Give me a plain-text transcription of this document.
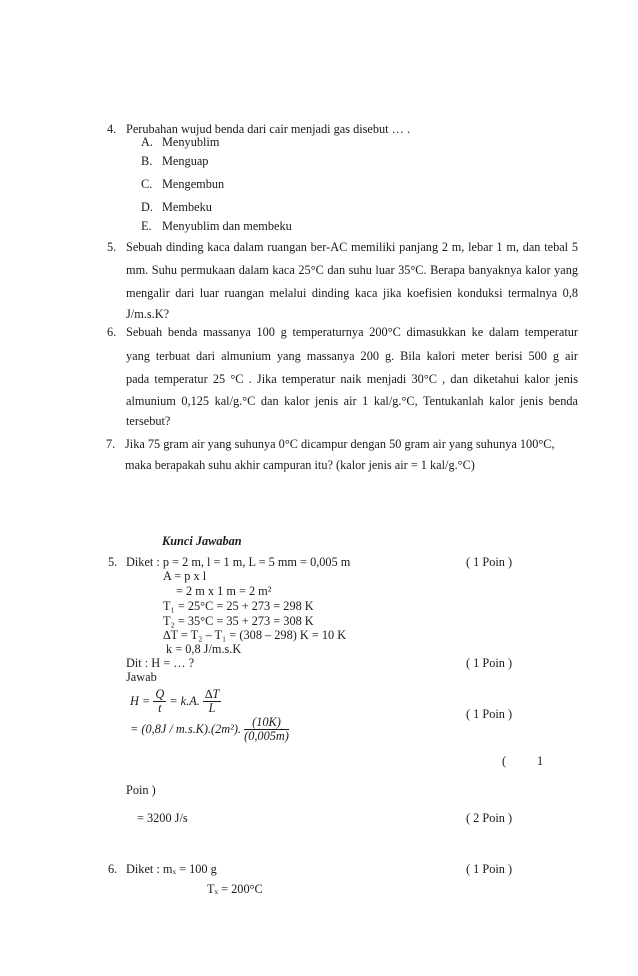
4. Perubahan wujud benda dari cair menjadi gas disebut … .
A. Menyublim
B. Menguap
C. Mengembun
D. Membeku
E. Menyublim dan membeku
5. Sebuah dinding kaca dalam ruangan ber-AC memiliki panjang 2 m, lebar 1 m, dan tebal 5
mm. Suhu permukaan dalam kaca 25°C dan suhu luar 35°C. Berapa banyaknya kalor yang
mengalir dari luar ruangan melalui dinding kaca jika koefisien konduksi termalnya 0,8
J/m.s.K?
6. Sebuah benda massanya 100 g temperaturnya 200°C dimasukkan ke dalam temperatur
yang terbuat dari almunium yang massanya 200 g. Bila kalori meter berisi 500 g air
pada temperatur 25 °C . Jika temperatur naik menjadi 30°C , dan diketahui kalor jenis
almunium 0,125 kal/g.°C dan kalor jenis air 1 kal/g.°C, Tentukanlah kalor jenis benda
tersebut?
7. Jika 75 gram air yang suhunya 0°C dicampur dengan 50 gram air yang suhunya 100°C,
maka berapakah suhu akhir campuran itu? (kalor jenis air = 1 kal/g.°C)
Kunci Jawaban
5. Diket : p = 2 m, l = 1 m, L = 5 mm = 0,005 m	( 1 Poin )
A = p x l
= 2 m x 1 m = 2 m²
T₁ = 25°C = 25 + 273 = 298 K
T₂ = 35°C = 35 + 273 = 308 K
∆T = T₂ – T₁ = (308 – 298) K = 10 K
k = 0,8 J/m.s.K
Dit : H = … ?	( 1 Poin )
Jawab
$H = \frac{Q}{t} = k.A$. $\frac{\Delta T}{L}$	( 1 Poin )
= (0,8J / m.s.K).(2m²). $\frac{(10K)}{(0,005m)}$
(	1
Poin )
= 3200 J/s	( 2 Poin )
6. Diket : mₓ = 100 g	( 1 Poin )
Tₓ = 200°C
